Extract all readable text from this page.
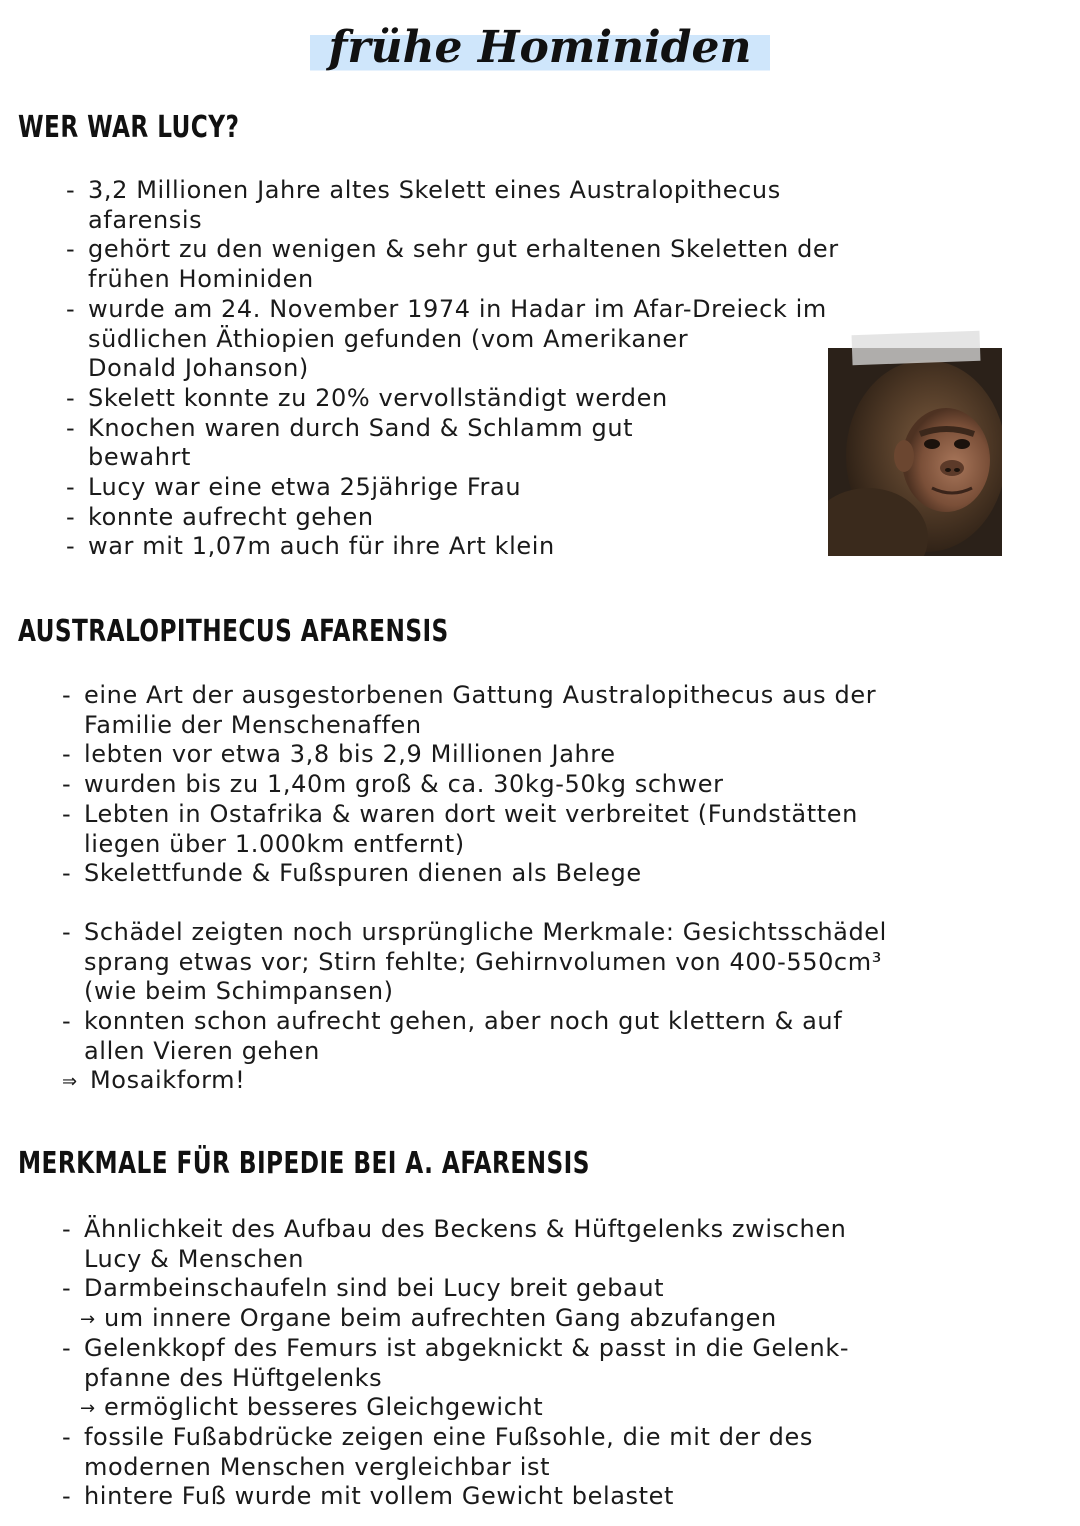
frühe Hominiden
WER WAR LUCY?
- 3,2 Millionen Jahre altes Skelett eines Australopithecus
afarensis
- gehört zu den wenigen & sehr gut erhaltenen Skeletten der
frühen Hominiden
- wurde am 24. November 1974 in Hadar im Afar-Dreieck im
südlichen Äthiopien gefunden (vom Amerikaner
Donald Johanson)
- Skelett konnte zu 20% vervollständigt werden
- Knochen waren durch Sand & Schlamm gut
bewahrt
- Lucy war eine etwa 25jährige Frau
- konnte aufrecht gehen
- war mit 1,07m auch für ihre Art klein
AUSTRALOPITHECUS AFARENSIS
- eine Art der ausgestorbenen Gattung Australopithecus aus der
Familie der Menschenaffen
- lebten vor etwa 3,8 bis 2,9 Millionen Jahre
- wurden bis zu 1,40m groß & ca. 30kg-50kg schwer
- Lebten in Ostafrika & waren dort weit verbreitet (Fundstätten
liegen über 1.000km entfernt)
- Skelettfunde & Fußspuren dienen als Belege
- Schädel zeigten noch ursprüngliche Merkmale: Gesichtsschädel
sprang etwas vor; Stirn fehlte; Gehirnvolumen von 400-550cm³
(wie beim Schimpansen)
- konnten schon aufrecht gehen, aber noch gut klettern & auf
allen Vieren gehen
⇒ Mosaikform!
MERKMALE FÜR BIPEDIE BEI A. AFARENSIS
- Ähnlichkeit des Aufbau des Beckens & Hüftgelenks zwischen
Lucy & Menschen
- Darmbeinschaufeln sind bei Lucy breit gebaut
→ um innere Organe beim aufrechten Gang abzufangen
- Gelenkkopf des Femurs ist abgeknickt & passt in die Gelenk-
pfanne des Hüftgelenks
→ ermöglicht besseres Gleichgewicht
- fossile Fußabdrücke zeigen eine Fußsohle, die mit der des
modernen Menschen vergleichbar ist
- hintere Fuß wurde mit vollem Gewicht belastet
